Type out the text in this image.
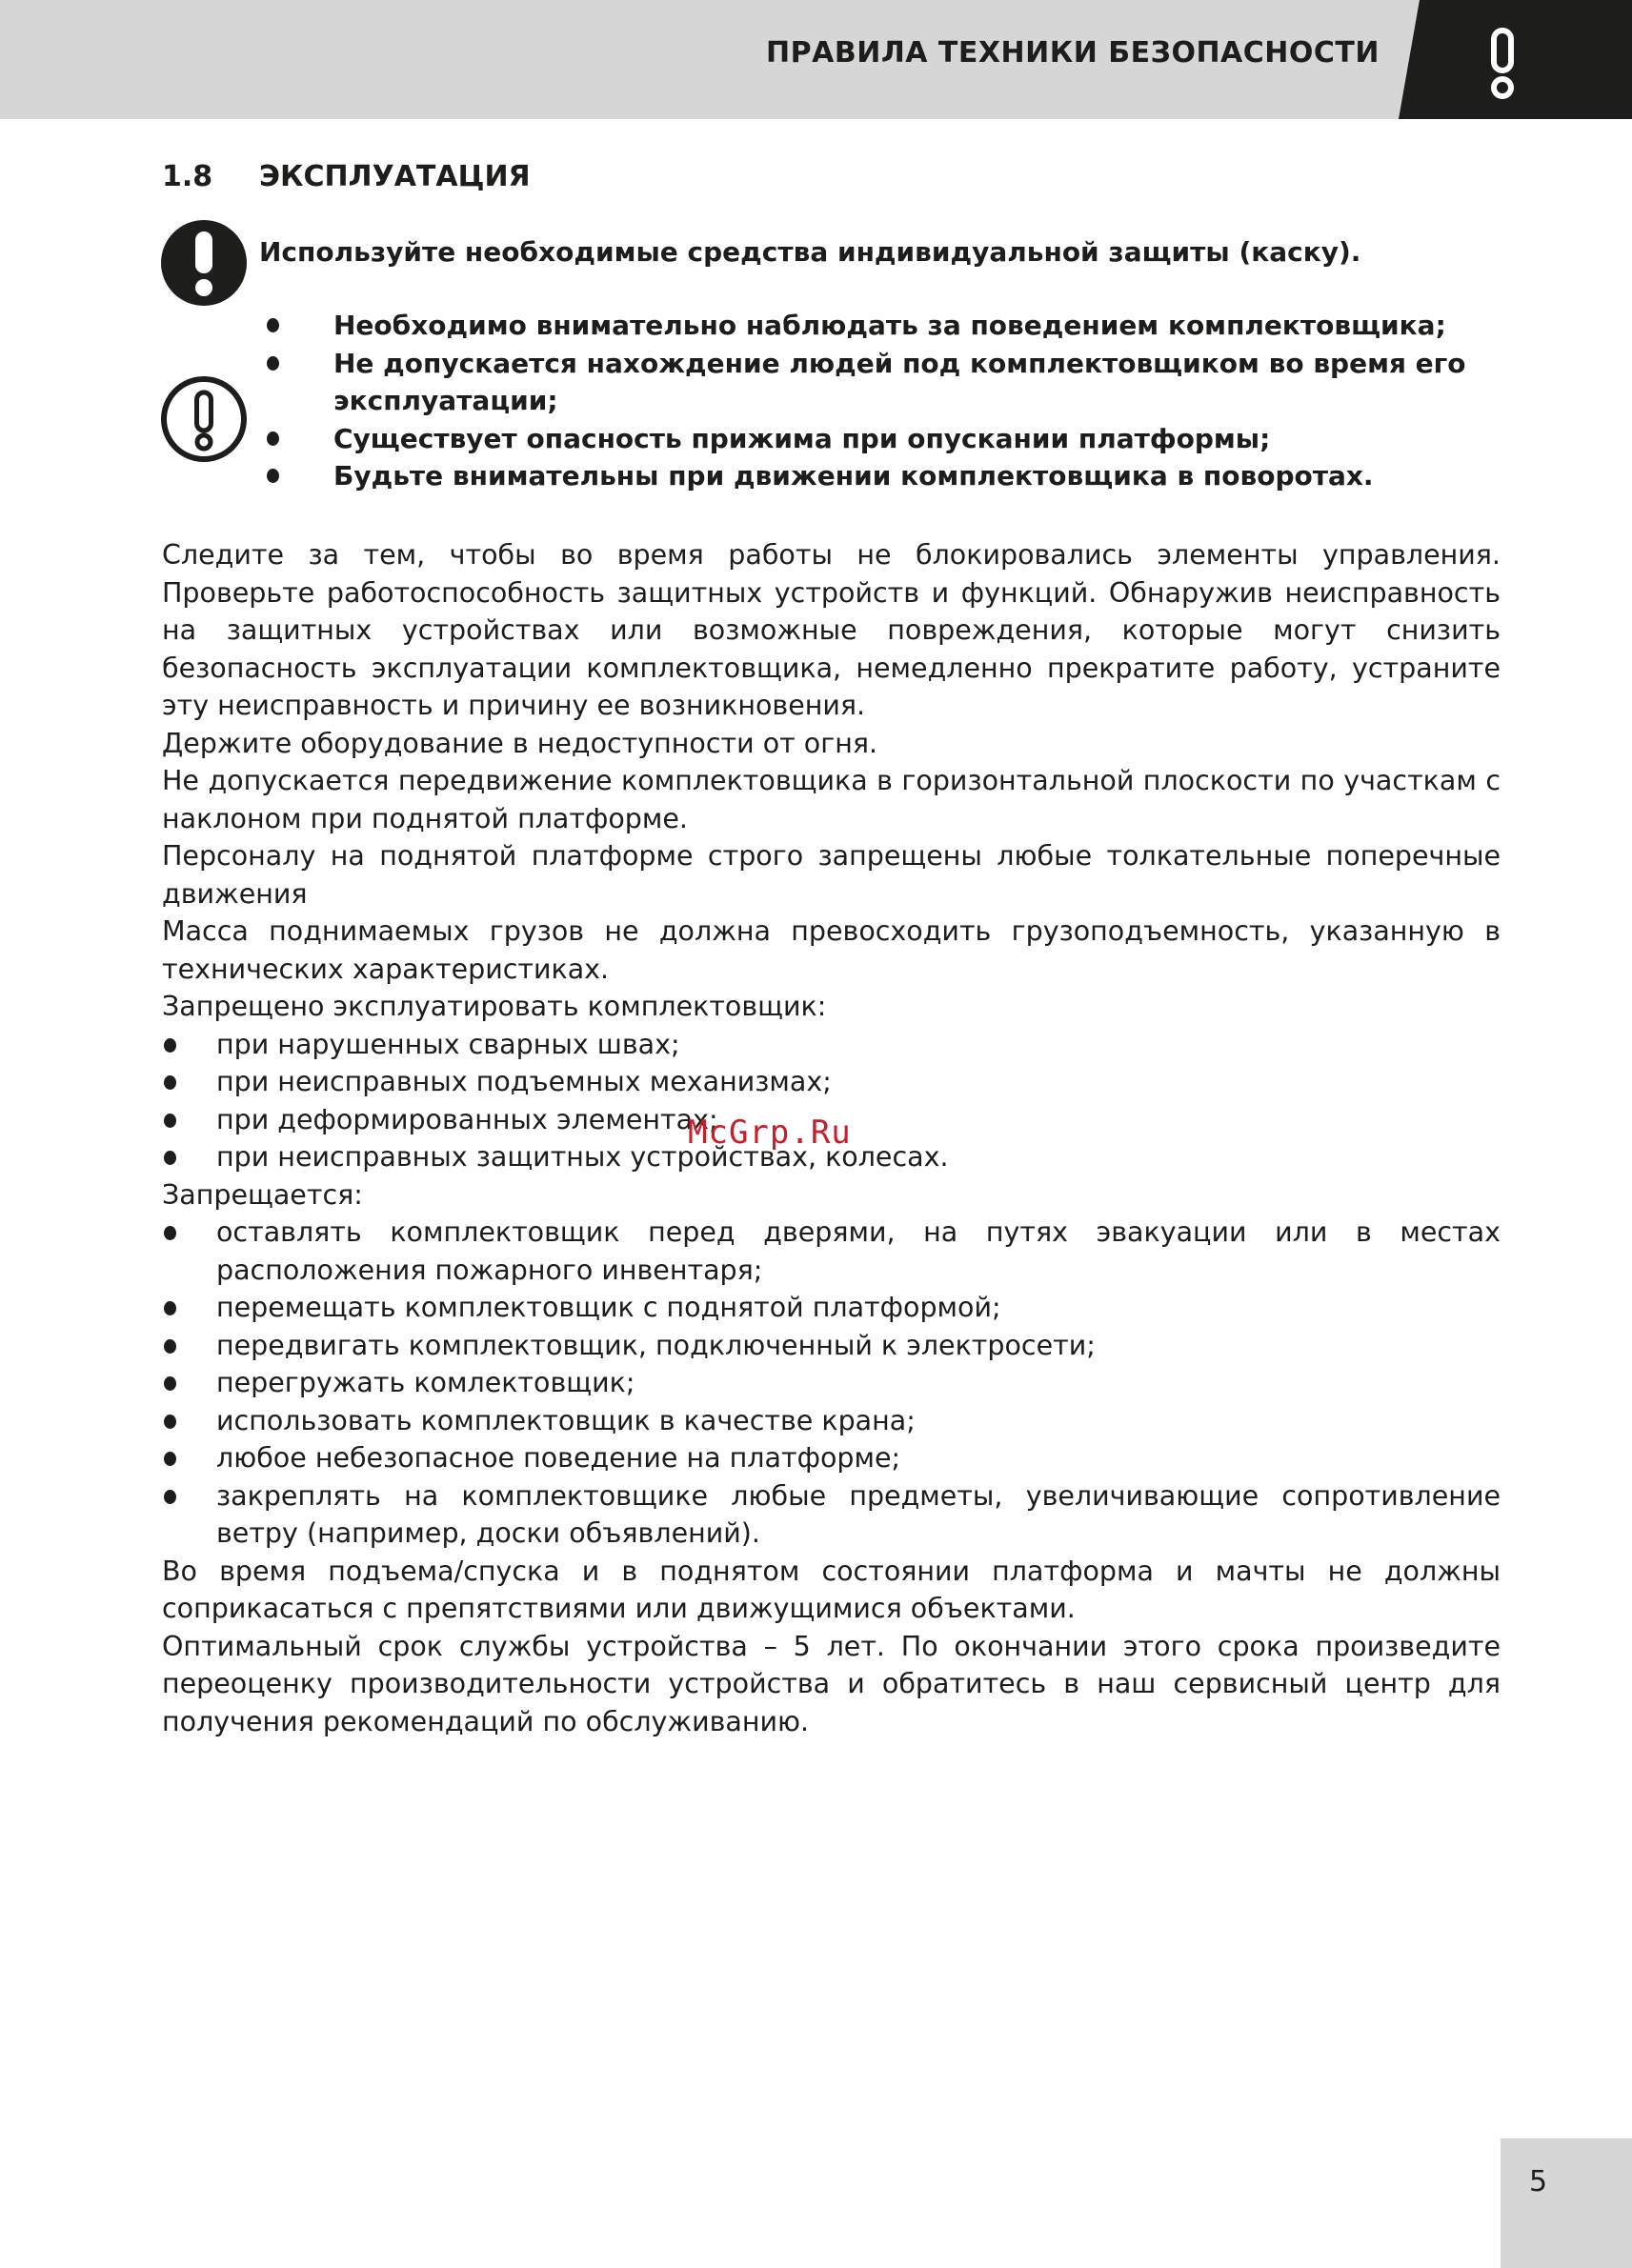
ПРАВИЛА ТЕХНИКИ БЕЗОПАСНОСТИ
1.8 ЭКСПЛУАТАЦИЯ
Используйте необходимые средства индивидуальной защиты (каску).
Необходимо внимательно наблюдать за поведением комплектовщика;
Не допускается нахождение людей под комплектовщиком во время его эксплуатации;
Существует опасность прижима при опускании платформы;
Будьте внимательны при движении комплектовщика в поворотах.

Следите за тем, чтобы во время работы не блокировались элементы управления. Проверьте работоспособность защитных устройств и функций. Обнаружив неисправность на защитных устройствах или возможные повреждения, которые могут снизить безопасность эксплуатации комплектовщика, немедленно прекратите работу, устраните эту неисправность и причину ее возникновения.

Держите оборудование в недоступности от огня.

Не допускается передвижение комплектовщика в горизонтальной плоскости по участкам с наклоном при поднятой платформе.

Персоналу на поднятой платформе строго запрещены любые толкательные поперечные движения

Масса поднимаемых грузов не должна превосходить грузоподъемность, указанную в технических характеристиках.

Запрещено эксплуатировать комплектовщик:

при нарушенных сварных швах;
при неисправных подъемных механизмах;
при деформированных элементах;
при неисправных защитных устройствах, колесах.

Запрещается:

оставлять комплектовщик перед дверями, на путях эвакуации или в местах расположения пожарного инвентаря;
перемещать комплектовщик с поднятой платформой;
передвигать комплектовщик, подключенный к электросети;
перегружать комлектовщик;
использовать комплектовщик в качестве крана;
любое небезопасное поведение на платформе;
закреплять на комплектовщике любые предметы, увеличивающие сопротивление ветру (например, доски объявлений).

Во время подъема/спуска и в поднятом состоянии платформа и мачты не должны соприкасаться с препятствиями или движущимися объектами.

Оптимальный срок службы устройства – 5 лет. По окончании этого срока произведите переоценку производительности устройства и обратитесь в наш сервисный центр для получения рекомендаций по обслуживанию.

McGrp.Ru
5
